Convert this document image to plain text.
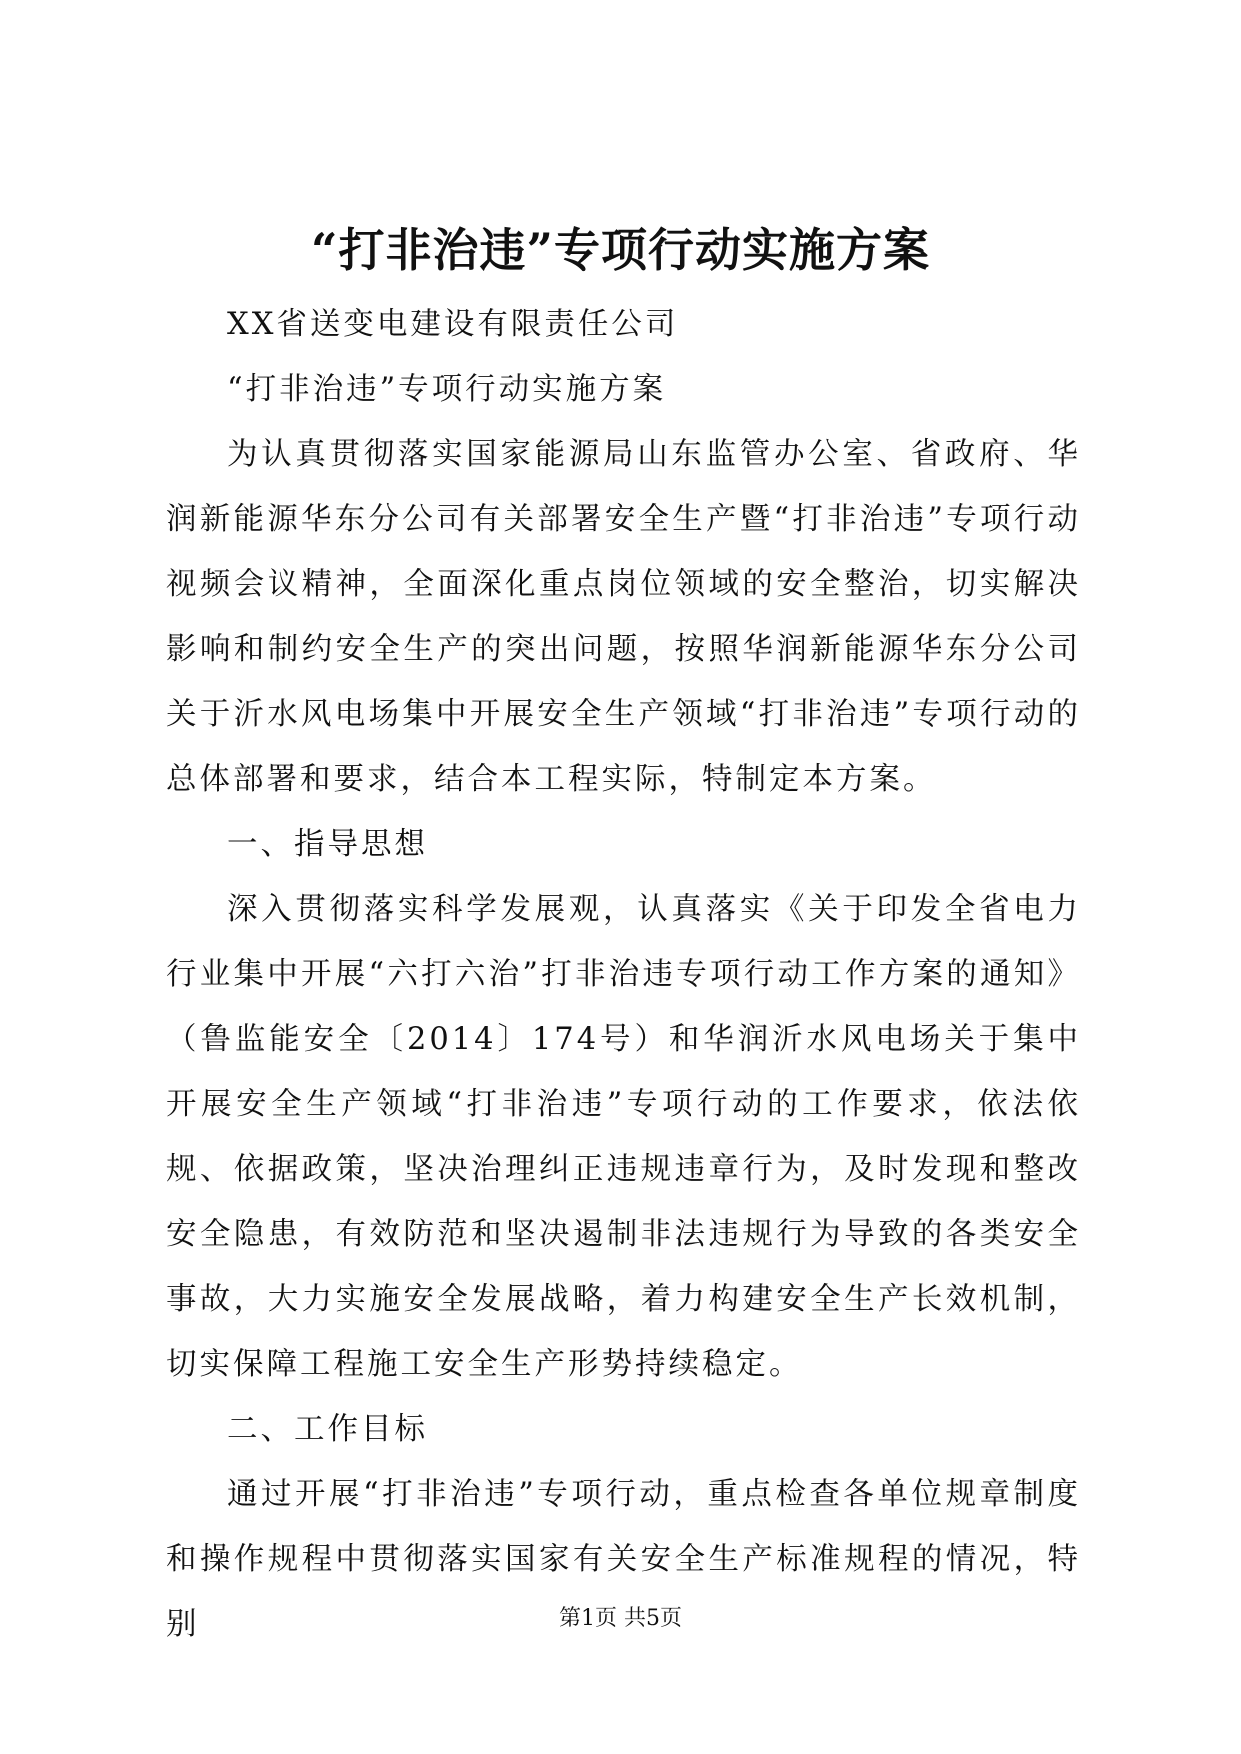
“打非治违”专项行动实施方案

XX省送变电建设有限责任公司

“打非治违”专项行动实施方案

为认真贯彻落实国家能源局山东监管办公室、省政府、华润新能源华东分公司有关部署安全生产暨“打非治违”专项行动视频会议精神，全面深化重点岗位领域的安全整治，切实解决影响和制约安全生产的突出问题，按照华润新能源华东分公司关于沂水风电场集中开展安全生产领域“打非治违”专项行动的总体部署和要求，结合本工程实际，特制定本方案。

一、指导思想

深入贯彻落实科学发展观，认真落实《关于印发全省电力行业集中开展“六打六治”打非治违专项行动工作方案的通知》（鲁监能安全〔2014〕174号）和华润沂水风电场关于集中开展安全生产领域“打非治违”专项行动的工作要求，依法依规、依据政策，坚决治理纠正违规违章行为，及时发现和整改安全隐患，有效防范和坚决遏制非法违规行为导致的各类安全事故，大力实施安全发展战略，着力构建安全生产长效机制，切实保障工程施工安全生产形势持续稳定。

二、工作目标

通过开展“打非治违”专项行动，重点检查各单位规章制度和操作规程中贯彻落实国家有关安全生产标准规程的情况，特别	第1页 共5页
